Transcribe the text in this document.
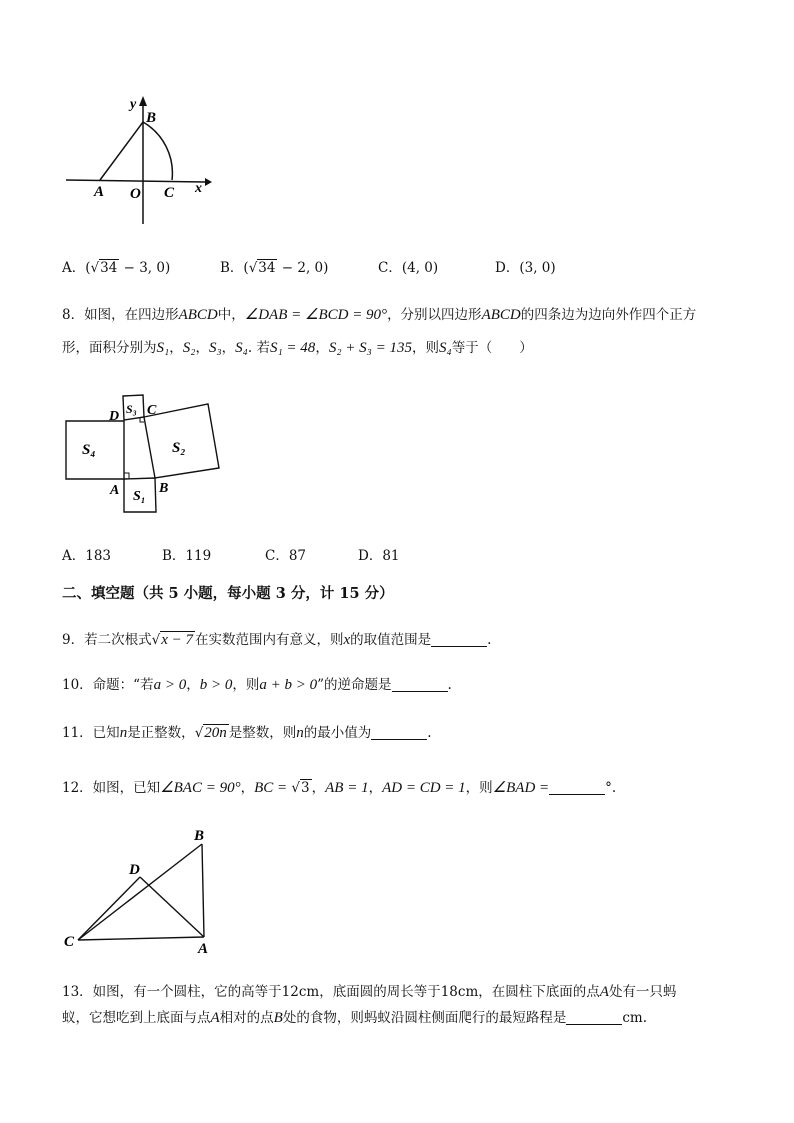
y
B
A O C x
A．(√34 − 3, 0)	B．(√34 − 2, 0)	C．(4, 0)	D．(3, 0)
8．如图，在四边形ABCD中，∠DAB = ∠BCD = 90°，分别以四边形ABCD的四条边为边向外作四个正方
形，面积分别为S₁，S₂，S₃，S₄. 若S₁ = 48，S₂ + S₃ = 135，则S₄等于（　　）
D S₃ C
S₄	S₂
A S₁
B
A．183	B．119	C．87	D．81
二、填空题（共 5 小题，每小题 3 分，计 15 分）
9．若二次根式√x − 7 在实数范围内有意义，则x的取值范围是	.
10．命题：“若a > 0，b > 0，则a + b > 0”的逆命题是	.
11．已知n是正整数，√20n 是整数，则n的最小值为	.
12．如图，已知∠BAC = 90°，BC = √3 ，AB = 1，AD = CD = 1，则∠BAD =	°.
B
D
C	A
13．如图，有一个圆柱，它的高等于12cm，底面圆的周长等于18cm，在圆柱下底面的点A处有一只蚂
蚁，它想吃到上底面与点A相对的点B处的食物，则蚂蚁沿圆柱侧面爬行的最短路程是	cm.
